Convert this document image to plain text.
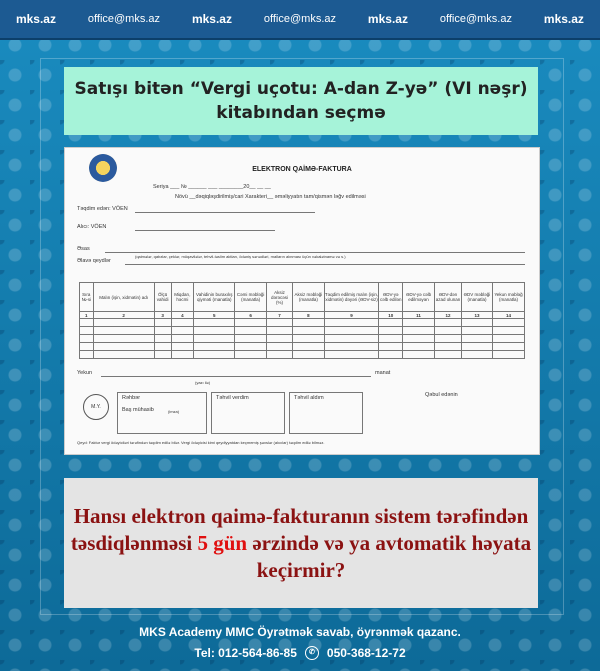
mks.az	office@mks.az	mks.az	office@mks.az	mks.az	office@mks.az	mks.az
Satışı bitən “Vergi uçotu: A-dan Z-yə” (VI nəşr)
kitabından seçmə
ELEKTRON QAİMƏ-FAKTURA
Seriya ___ № ______ ___ ________20__ __ __
Növü __dəqiqləşdirilmiş/cari Xarakteri__ əməliyyatın tam/qismən ləğv edilməsi
Təqdim edən: VÖEN
Alıcı: VÖEN
Əsas
Əlavə qeydlər
(qaimələr, qabzlar, çeklər, müqavilələr, tehvil-təslim aktları, ödəniş sənədləri, malların alınması üçün vəkalətnamə və s.)
Sıra №-si	Malın (işin, xidmətin) adı	Ölçü vahidi	Miqdarı, həcmi	Vahidinin buraxılış qiyməti (manatla)	Cəmi məbləği (manatla)	Aksiz dərəcəsi (%)	Aksiz məbləği (manatla)	Təqdim edilmiş malın (işin, xidmətin) dəyəri (ƏDV-siz)	ƏDV-yə cəlb edilən	ƏDV-yə cəlb edilməyən	ƏDV-dən azad olunan	ƏDV məbləği (manatla)	Yekun məbləğ (manatla)
1	2	3	4	5	6	7	8	9	10	11	12	13	14

Yekun	manat
(yazı ilə)
M.Y.
Rəhbər
Baş mühasib	(imza)
Təhvil verdim	Təhvil aldım	Qəbul edənin
Qeyd: Faktur vergi ödəyiciləri tərəfindən təqdim edilə bilər. Vergi ödəyicisi kimi qeydiyyatdan keçmemiş şəxslər (alıcılar) təqdim edilə bilməz.

Hansı elektron qaimə-fakturanın sistem tərəfindən təsdiqlənməsi 5 gün ərzində və ya avtomatik həyata keçirmir?

MKS Academy MMC Öyrətmək savab, öyrənmək qazanc.
Tel: 012-564-86-85	✆	050-368-12-72
